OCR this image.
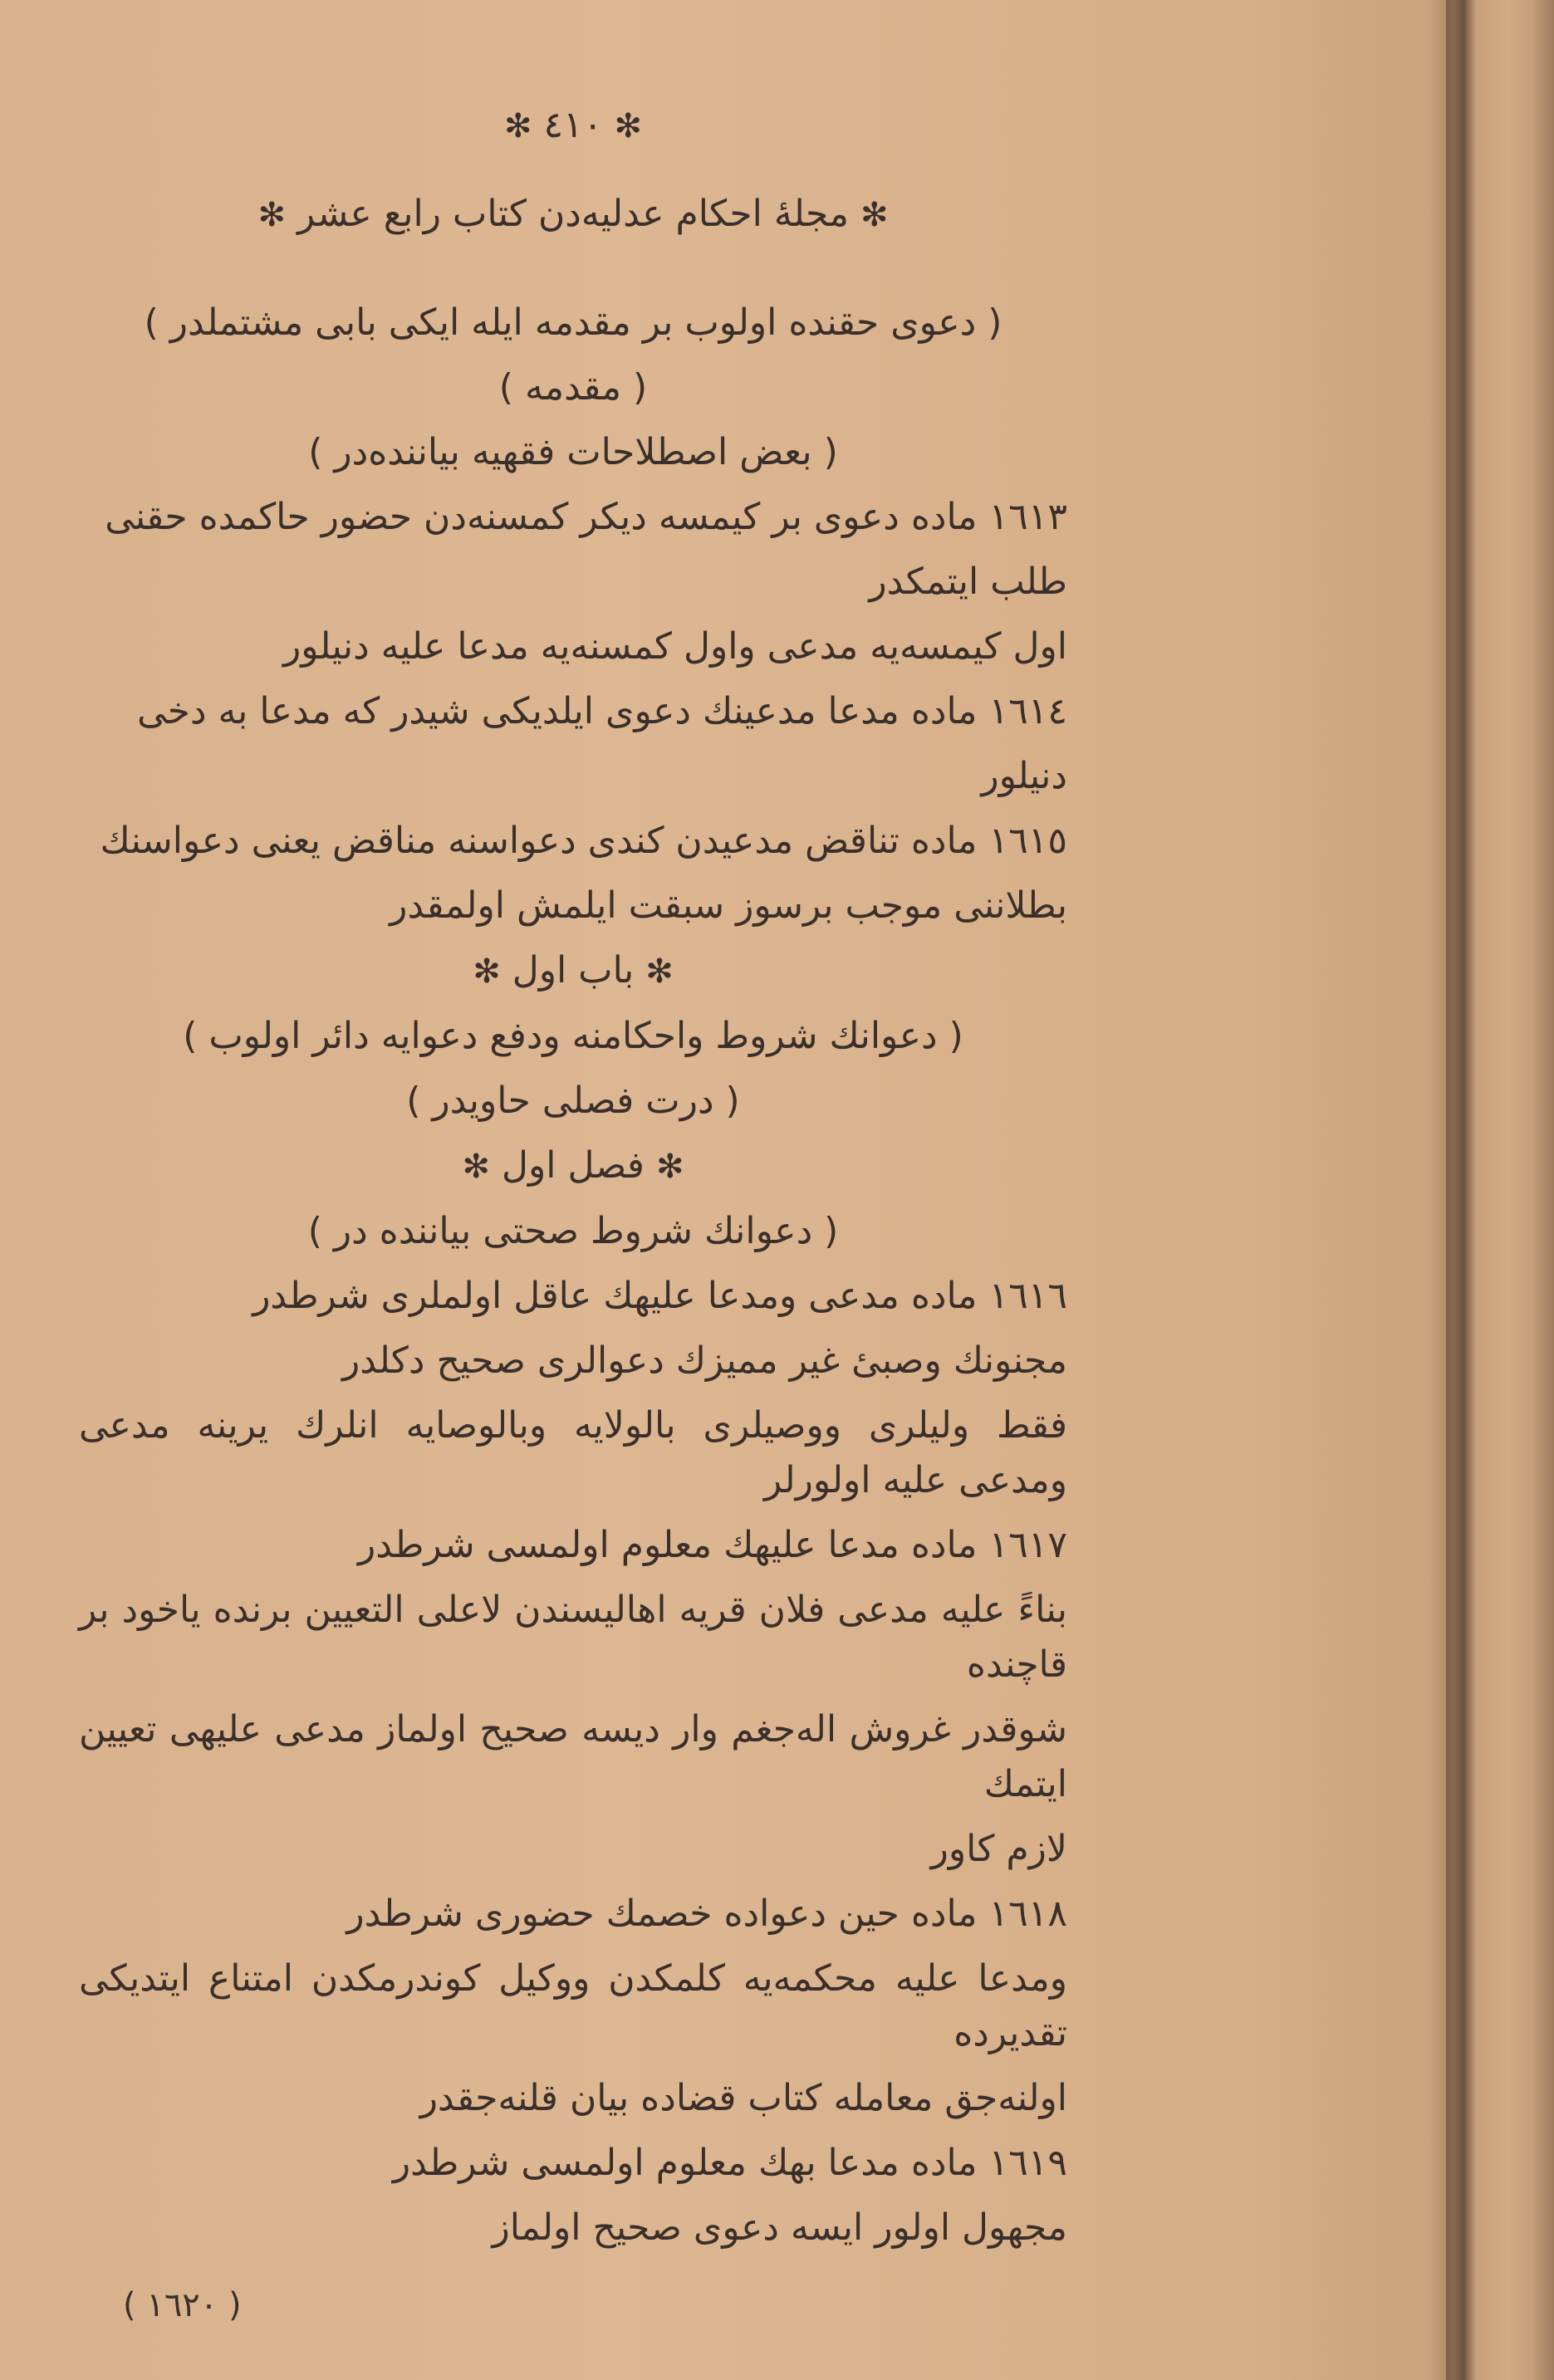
✻ ٤١٠ ✻
✻ مجلهٔ احکام عدلیه‌دن کتاب رابع عشر ✻
( دعوی حقنده اولوب بر مقدمه ایله ایکی بابی مشتملدر )
( مقدمه )
( بعض اصطلاحات فقهیه بیاننده‌در )
١٦١٣ ماده دعوی بر کیمسه دیکر کمسنه‌دن حضور حاکمده حقنی
طلب ایتمکدر
اول کیمسه‌یه مدعی واول کمسنه‌یه مدعا علیه دنیلور
١٦١٤ ماده مدعا مدعینك دعوی ایلدیکی شیدر که مدعا به دخی
دنیلور
١٦١٥ ماده تناقض مدعیدن کندی دعواسنه مناقض یعنی دعواسنك
بطلاننی موجب برسوز سبقت ایلمش اولمقدر
✻ باب اول ✻
( دعوانك شروط واحکامنه ودفع دعوایه دائر اولوب )
( درت فصلی حاویدر )
✻ فصل اول ✻
( دعوانك شروط صحتی بیاننده در )
١٦١٦ ماده مدعی ومدعا علیهك عاقل اولملری شرطدر
مجنونك وصبیٔ غیر ممیزك دعوالری صحیح دکلدر
فقط ولیلری ووصیلری بالولایه وبالوصایه انلرك یرینه مدعی ومدعی علیه اولورلر
١٦١٧ ماده مدعا علیهك معلوم اولمسی شرطدر
بناءً علیه مدعی فلان قریه اهالیسندن لاعلی التعیین برنده یاخود بر قاچنده
شوقدر غروش الەجغم وار دیسه صحیح اولماز مدعی علیهی تعیین ایتمك
لازم کاور
١٦١٨ ماده حین دعواده خصمك حضوری شرطدر
ومدعا علیه محکمه‌یه کلمکدن ووکیل کوندرمکدن امتناع ایتدیکی تقدیرده
اولنه‌جق معامله کتاب قضاده بیان قلنه‌جقدر
١٦١٩ ماده مدعا بهك معلوم اولمسی شرطدر
مجهول اولور ایسه دعوی صحیح اولماز
( ١٦٢٠ )
